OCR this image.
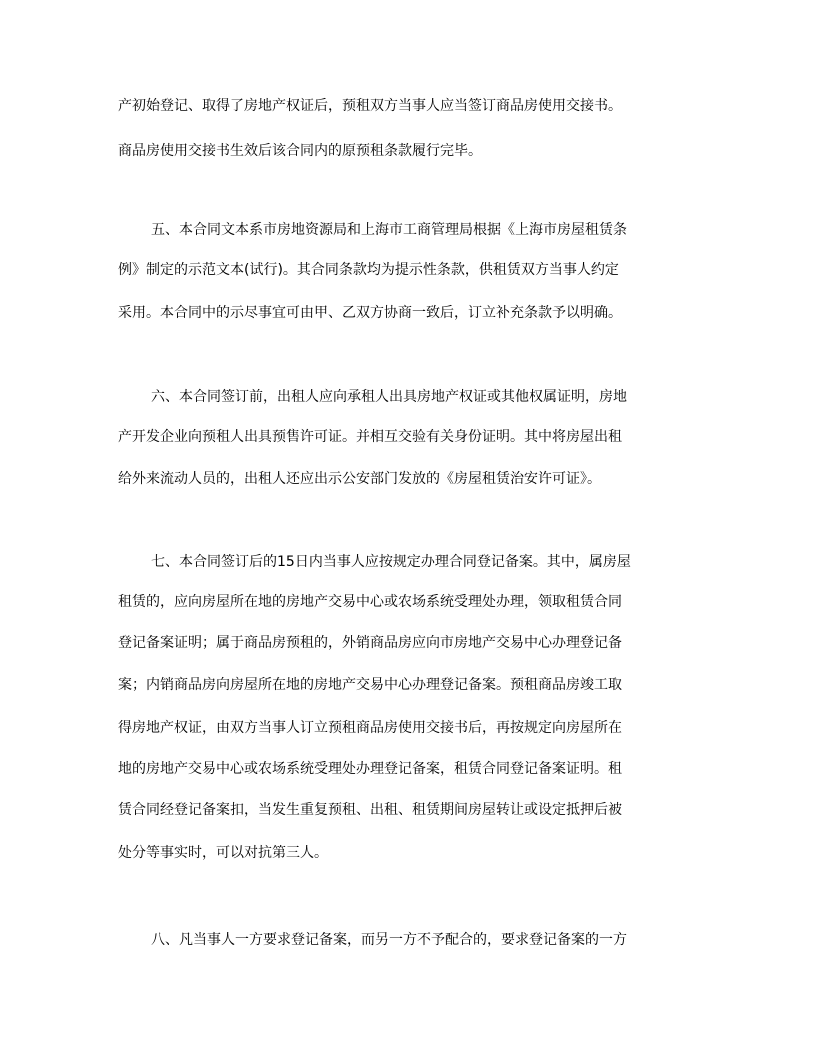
产初始登记、取得了房地产权证后，预租双方当事人应当签订商品房使用交接书。
商品房使用交接书生效后该合同内的原预租条款履行完毕。
五、本合同文本系市房地资源局和上海市工商管理局根据《上海市房屋租赁条
例》制定的示范文本(试行)。其合同条款均为提示性条款，供租赁双方当事人约定
采用。本合同中的示尽事宜可由甲、乙双方协商一致后，订立补充条款予以明确。
六、本合同签订前，出租人应向承租人出具房地产权证或其他权属证明，房地
产开发企业向预租人出具预售许可证。并相互交验有关身份证明。其中将房屋出租
给外来流动人员的，出租人还应出示公安部门发放的《房屋租赁治安许可证》。
七、本合同签订后的15日内当事人应按规定办理合同登记备案。其中，属房屋
租赁的，应向房屋所在地的房地产交易中心或农场系统受理处办理，领取租赁合同
登记备案证明；属于商品房预租的，外销商品房应向市房地产交易中心办理登记备
案；内销商品房向房屋所在地的房地产交易中心办理登记备案。预租商品房竣工取
得房地产权证，由双方当事人订立预租商品房使用交接书后，再按规定向房屋所在
地的房地产交易中心或农场系统受理处办理登记备案，租赁合同登记备案证明。租
赁合同经登记备案扣，当发生重复预租、出租、租赁期间房屋转让或设定抵押后被
处分等事实时，可以对抗第三人。
八、凡当事人一方要求登记备案，而另一方不予配合的，要求登记备案的一方
